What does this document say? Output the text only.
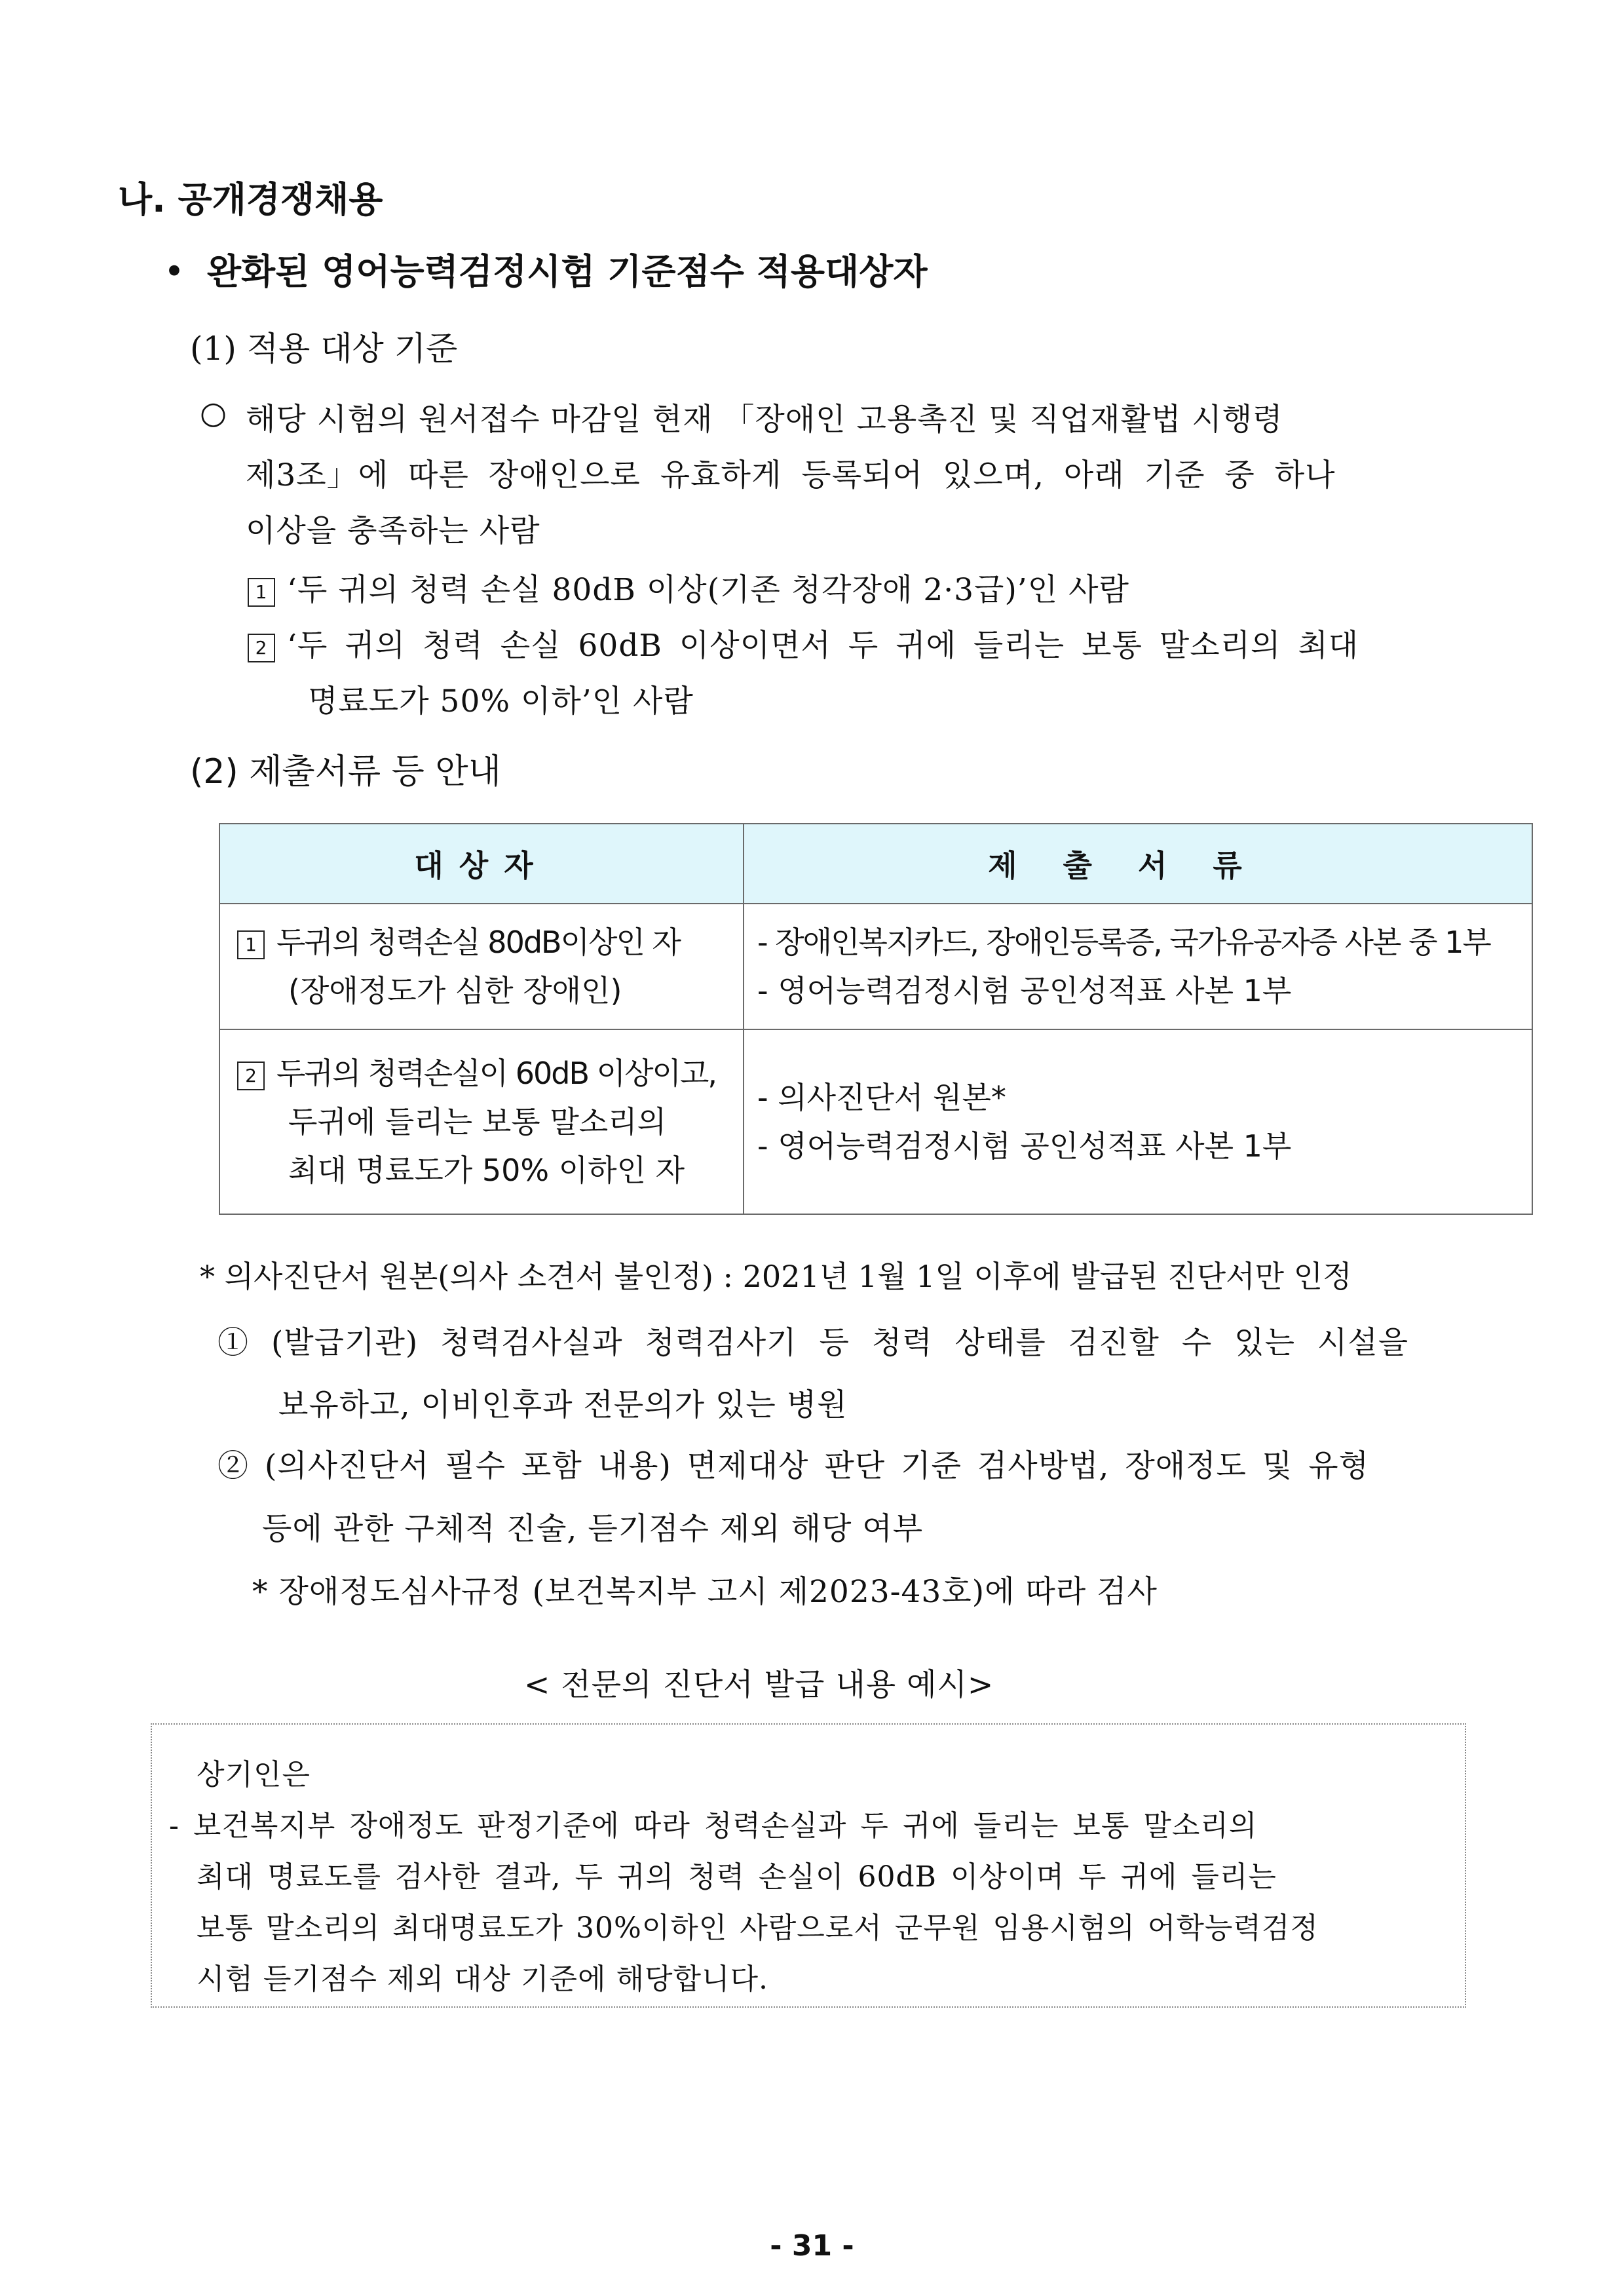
나. 공개경쟁채용
• 완화된 영어능력검정시험 기준점수 적용대상자
(1) 적용 대상 기준
○ 해당 시험의 원서접수 마감일 현재 「장애인 고용촉진 및 직업재활법 시행령
제3조」에 따른 장애인으로 유효하게 등록되어 있으며, 아래 기준 중 하나
이상을 충족하는 사람
1 ‘두 귀의 청력 손실 80dB 이상(기존 청각장애 2·3급)’인 사람
2 ‘두 귀의 청력 손실 60dB 이상이면서 두 귀에 들리는 보통 말소리의 최대
명료도가 50% 이하’인 사람
(2) 제출서류 등 안내
대상자	제출서류

1 두귀의 청력손실 80dB이상인 자
(장애정도가 심한 장애인)	- 장애인복지카드, 장애인등록증, 국가유공자증 사본 중 1부
- 영어능력검정시험 공인성적표 사본 1부

2 두귀의 청력손실이 60dB 이상이고,
두귀에 들리는 보통 말소리의
최대 명료도가 50% 이하인 자	- 의사진단서 원본*
- 영어능력검정시험 공인성적표 사본 1부
* 의사진단서 원본(의사 소견서 불인정) : 2021년 1월 1일 이후에 발급된 진단서만 인정
① (발급기관) 청력검사실과 청력검사기 등 청력 상태를 검진할 수 있는 시설을
보유하고, 이비인후과 전문의가 있는 병원
② (의사진단서 필수 포함 내용) 면제대상 판단 기준 검사방법, 장애정도 및 유형
등에 관한 구체적 진술, 듣기점수 제외 해당 여부
* 장애정도심사규정 (보건복지부 고시 제2023-43호)에 따라 검사
< 전문의 진단서 발급 내용 예시>
상기인은
- 보건복지부 장애정도 판정기준에 따라 청력손실과 두 귀에 들리는 보통 말소리의
최대 명료도를 검사한 결과, 두 귀의 청력 손실이 60dB 이상이며 두 귀에 들리는
보통 말소리의 최대명료도가 30%이하인 사람으로서 군무원 임용시험의 어학능력검정
시험 듣기점수 제외 대상 기준에 해당합니다.
- 31 -
